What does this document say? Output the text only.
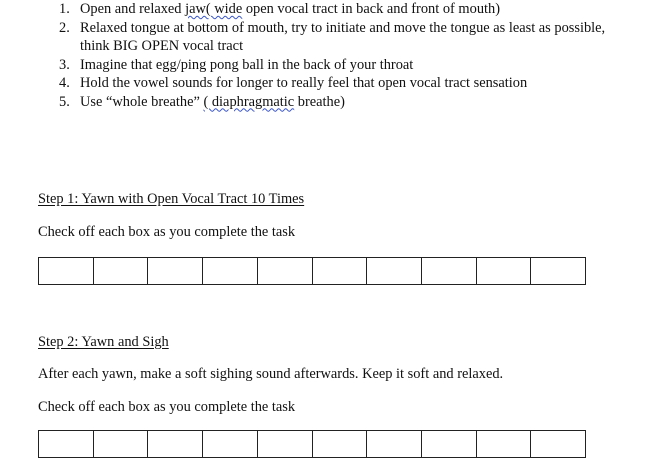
1. Open and relaxed jaw( wide open vocal tract in back and front of mouth)
2. Relaxed tongue at bottom of mouth, try to initiate and move the tongue as least as possible, think BIG OPEN vocal tract
3. Imagine that egg/ping pong ball in the back of your throat
4. Hold the vowel sounds for longer to really feel that open vocal tract sensation
5. Use “whole breathe” ( diaphragmatic breathe)
Step 1: Yawn with Open Vocal Tract 10 Times
Check off each box as you complete the task
Step 2: Yawn and Sigh
After each yawn, make a soft sighing sound afterwards. Keep it soft and relaxed.
Check off each box as you complete the task
